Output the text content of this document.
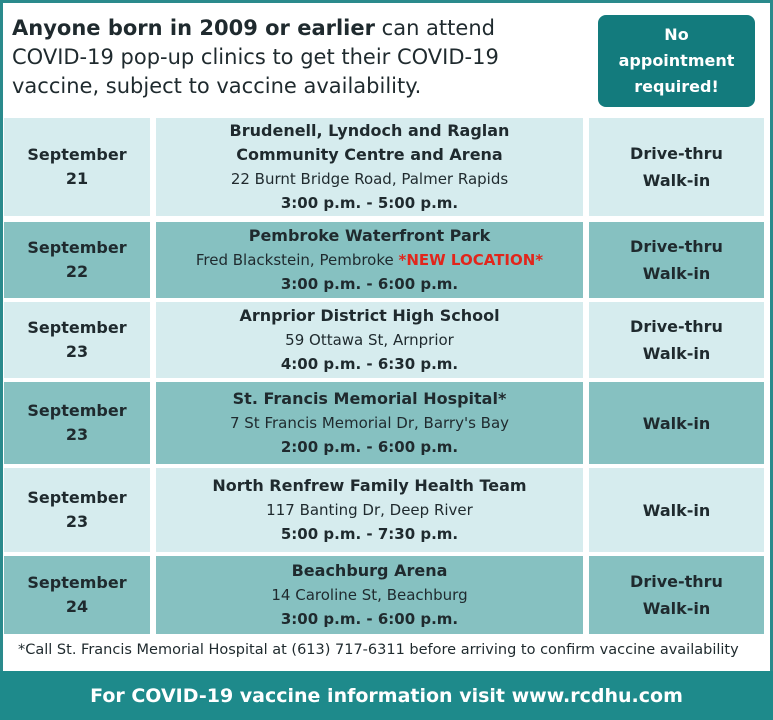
Anyone born in 2009 or earlier can attend COVID-19 pop-up clinics to get their COVID-19 vaccine, subject to vaccine availability.
No
appointment
required!
September
21
Brudenell, Lyndoch and Raglan
Community Centre and Arena
22 Burnt Bridge Road, Palmer Rapids
3:00 p.m. - 5:00 p.m.
Drive-thru
Walk-in
September
22
Pembroke Waterfront Park
Fred Blackstein, Pembroke *NEW LOCATION*
3:00 p.m. - 6:00 p.m.
Drive-thru
Walk-in
September
23
Arnprior District High School
59 Ottawa St, Arnprior
4:00 p.m. - 6:30 p.m.
Drive-thru
Walk-in
September
23
St. Francis Memorial Hospital*
7 St Francis Memorial Dr, Barry's Bay
2:00 p.m. - 6:00 p.m.
Walk-in
September
23
North Renfrew Family Health Team
117 Banting Dr, Deep River
5:00 p.m. - 7:30 p.m.
Walk-in
September
24
Beachburg Arena
14 Caroline St, Beachburg
3:00 p.m. - 6:00 p.m.
Drive-thru
Walk-in
*Call St. Francis Memorial Hospital at (613) 717-6311 before arriving to confirm vaccine availability
For COVID-19 vaccine information visit www.rcdhu.com
